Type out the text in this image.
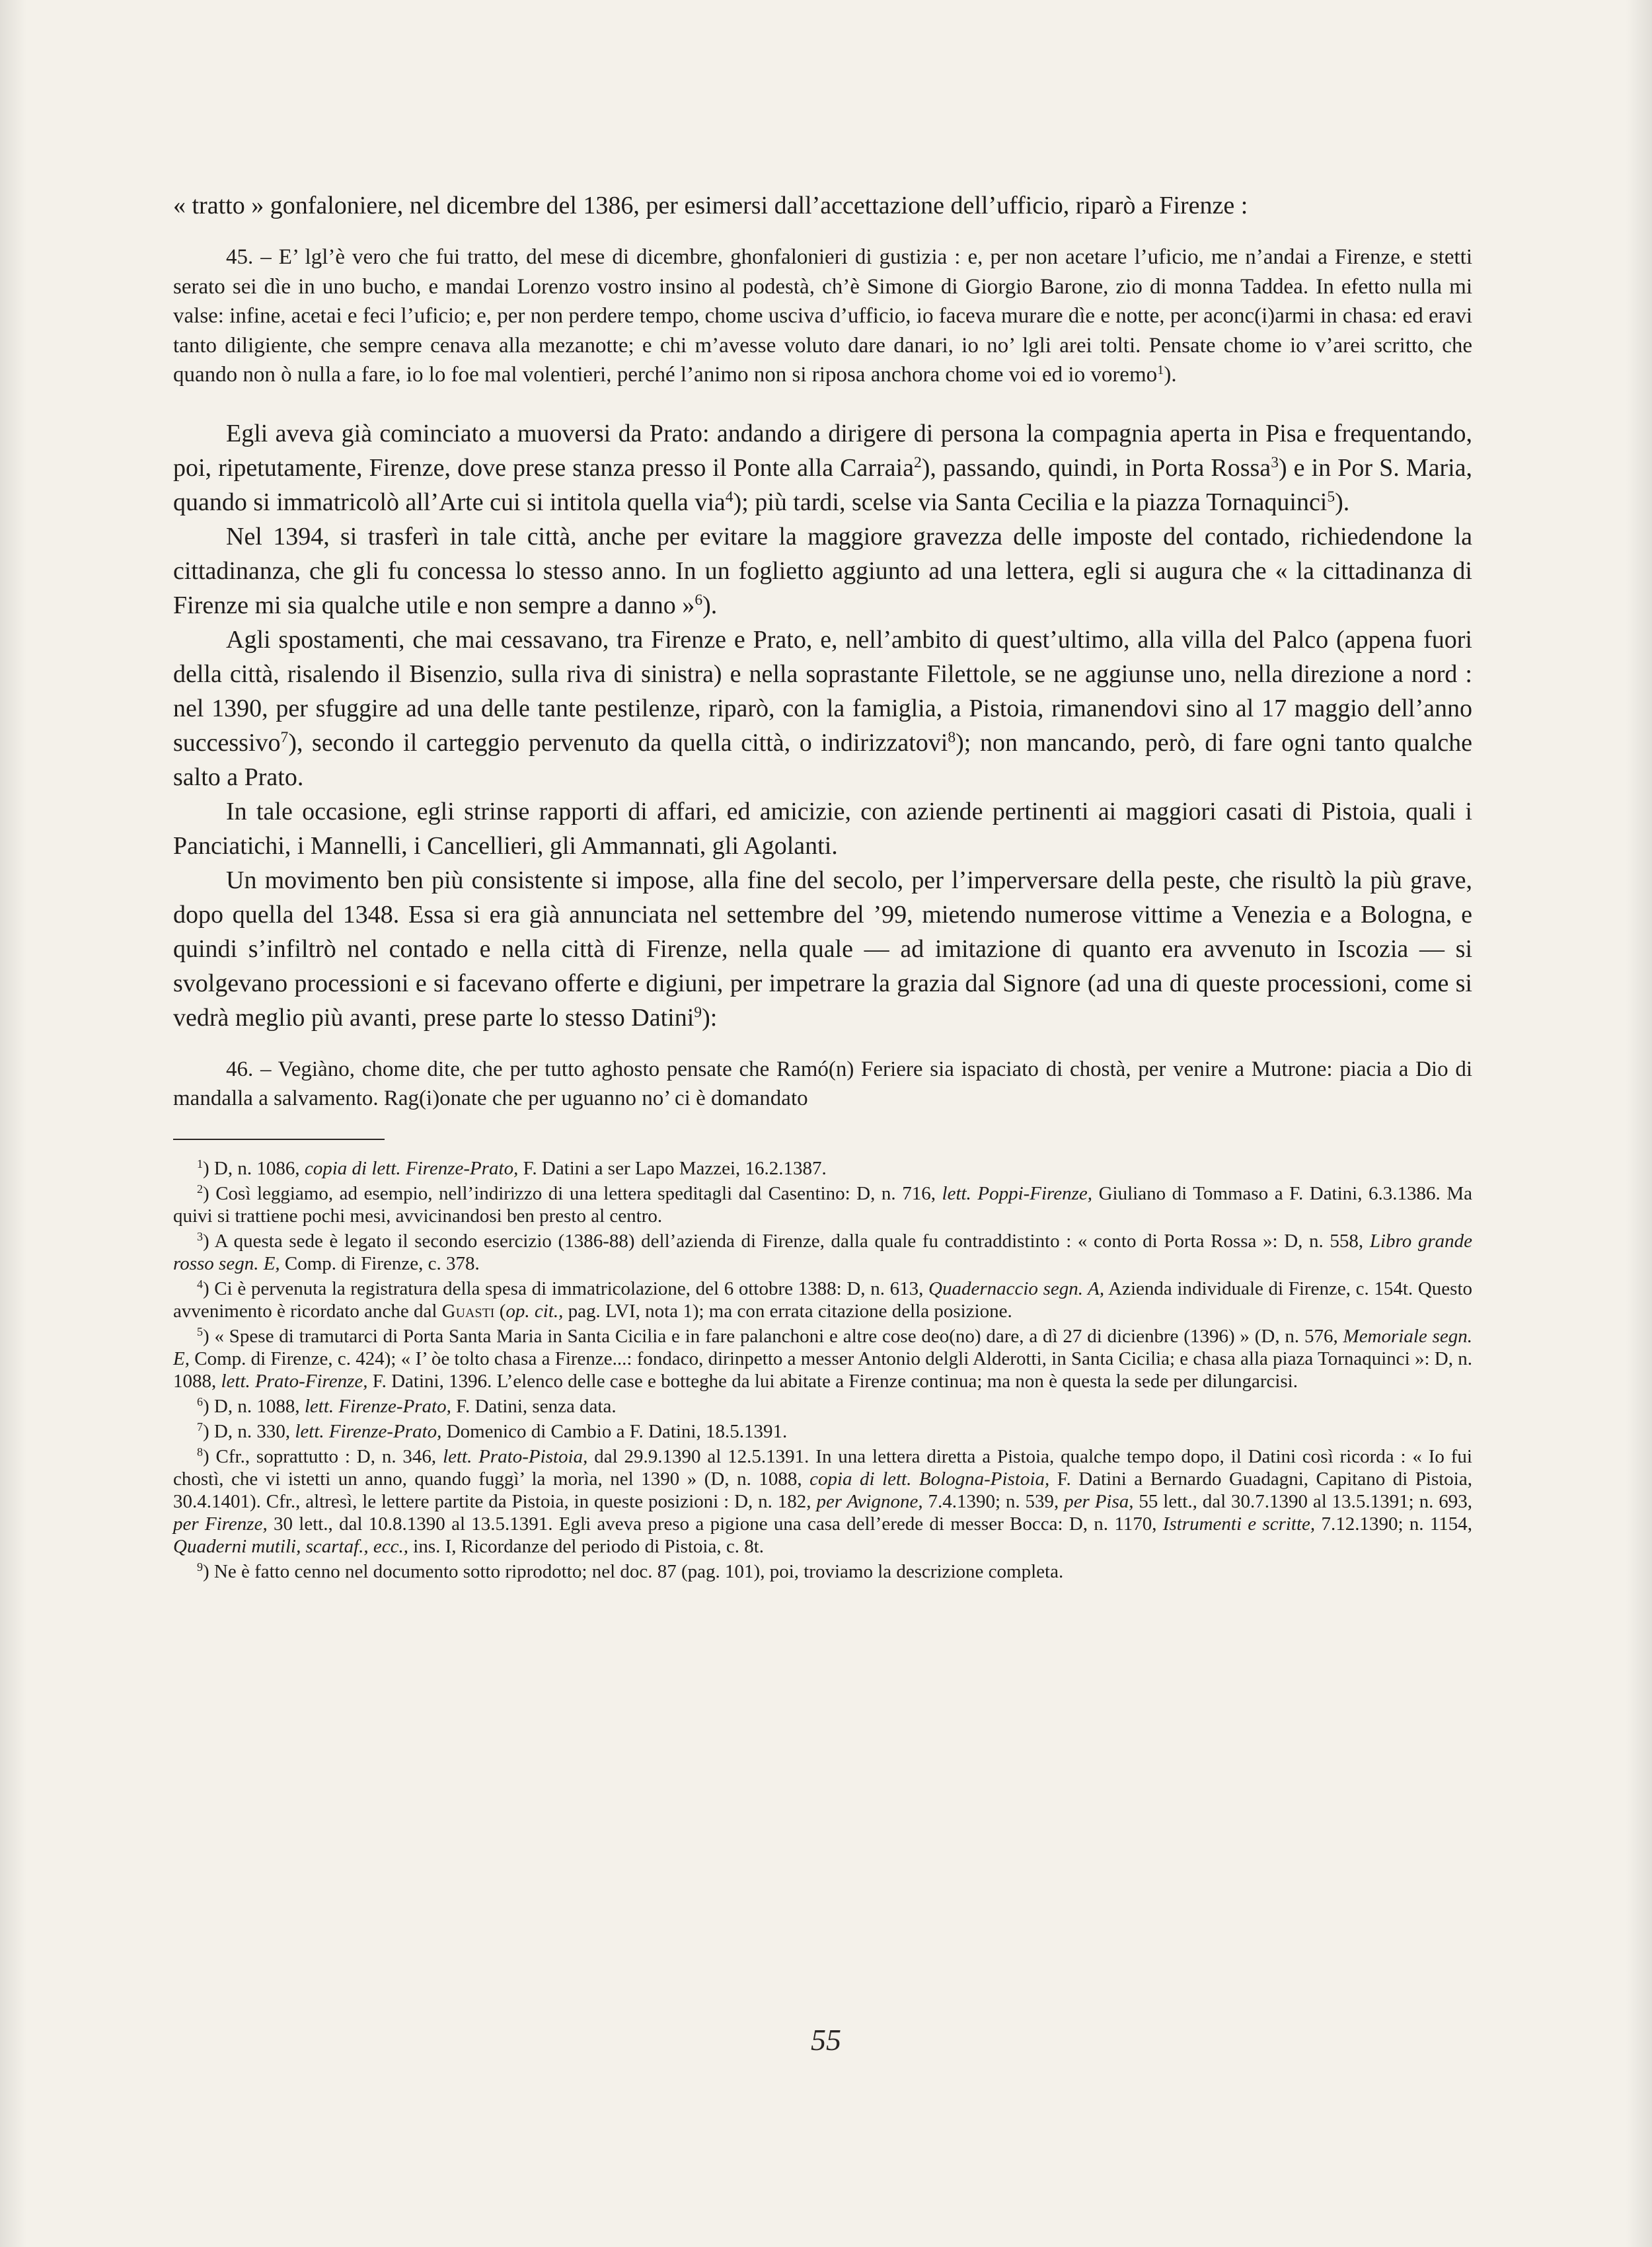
« tratto » gonfaloniere, nel dicembre del 1386, per esimersi dall’accettazione dell’ufficio, riparò a Firenze :

45. – E’ lgl’è vero che fui tratto, del mese di dicembre, ghonfalonieri di gustizia : e, per non acetare l’uficio, me n’andai a Firenze, e stetti serato sei dìe in uno bucho, e mandai Lorenzo vostro insino al podestà, ch’è Simone di Giorgio Barone, zio di monna Taddea. In efetto nulla mi valse: infine, acetai e feci l’uficio; e, per non perdere tempo, chome usciva d’ufficio, io faceva murare dìe e notte, per aconc(i)armi in chasa: ed eravi tanto diligiente, che sempre cenava alla mezanotte; e chi m’avesse voluto dare danari, io no’ lgli arei tolti. Pensate chome io v’arei scritto, che quando non ò nulla a fare, io lo foe mal volentieri, perché l’animo non si riposa anchora chome voi ed io voremo$^1$).

Egli aveva già cominciato a muoversi da Prato: andando a dirigere di persona la compagnia aperta in Pisa e frequentando, poi, ripetutamente, Firenze, dove prese stanza presso il Ponte alla Carraia$^2$), passando, quindi, in Porta Rossa$^3$) e in Por S. Maria, quando si immatricolò all’Arte cui si intitola quella via$^4$); più tardi, scelse via Santa Cecilia e la piazza Tornaquinci$^5$).

Nel 1394, si trasferì in tale città, anche per evitare la maggiore gravezza delle imposte del contado, richiedendone la cittadinanza, che gli fu concessa lo stesso anno. In un foglietto aggiunto ad una lettera, egli si augura che « la cittadinanza di Firenze mi sia qualche utile e non sempre a danno »$^6$).

Agli spostamenti, che mai cessavano, tra Firenze e Prato, e, nell’ambito di quest’ultimo, alla villa del Palco (appena fuori della città, risalendo il Bisenzio, sulla riva di sinistra) e nella soprastante Filettole, se ne aggiunse uno, nella direzione a nord : nel 1390, per sfuggire ad una delle tante pestilenze, riparò, con la famiglia, a Pistoia, rimanendovi sino al 17 maggio dell’anno successivo$^7$), secondo il carteggio pervenuto da quella città, o indirizzatovi$^8$); non mancando, però, di fare ogni tanto qualche salto a Prato.

In tale occasione, egli strinse rapporti di affari, ed amicizie, con aziende pertinenti ai maggiori casati di Pistoia, quali i Panciatichi, i Mannelli, i Cancellieri, gli Ammannati, gli Agolanti.

Un movimento ben più consistente si impose, alla fine del secolo, per l’imperversare della peste, che risultò la più grave, dopo quella del 1348. Essa si era già annunciata nel settembre del ’99, mietendo numerose vittime a Venezia e a Bologna, e quindi s’infiltrò nel contado e nella città di Firenze, nella quale — ad imitazione di quanto era avvenuto in Iscozia — si svolgevano processioni e si facevano offerte e digiuni, per impetrare la grazia dal Signore (ad una di queste processioni, come si vedrà meglio più avanti, prese parte lo stesso Datini$^9$):

46. – Vegiàno, chome dite, che per tutto aghosto pensate che Ramó(n) Feriere sia ispaciato di chostà, per venire a Mutrone: piacia a Dio di mandalla a salvamento. Rag(i)onate che per uguanno no’ ci è domandato

$^1$) D, n. 1086, copia di lett. Firenze-Prato, F. Datini a ser Lapo Mazzei, 16.2.1387.

$^2$) Così leggiamo, ad esempio, nell’indirizzo di una lettera speditagli dal Casentino: D, n. 716, lett. Poppi-Firenze, Giuliano di Tommaso a F. Datini, 6.3.1386. Ma quivi si trattiene pochi mesi, avvicinandosi ben presto al centro.

$^3$) A questa sede è legato il secondo esercizio (1386-88) dell’azienda di Firenze, dalla quale fu contraddistinto : « conto di Porta Rossa »: D, n. 558, Libro grande rosso segn. E, Comp. di Firenze, c. 378.

$^4$) Ci è pervenuta la registratura della spesa di immatricolazione, del 6 ottobre 1388: D, n. 613, Quadernaccio segn. A, Azienda individuale di Firenze, c. 154t. Questo avvenimento è ricordato anche dal Guasti (op. cit., pag. LVI, nota 1); ma con errata citazione della posizione.

$^5$) « Spese di tramutarci di Porta Santa Maria in Santa Cicilia e in fare palanchoni e altre cose deo(no) dare, a dì 27 di dicienbre (1396) » (D, n. 576, Memoriale segn. E, Comp. di Firenze, c. 424); « I’ òe tolto chasa a Firenze...: fondaco, dirinpetto a messer Antonio delgli Alderotti, in Santa Cicilia; e chasa alla piaza Tornaquinci »: D, n. 1088, lett. Prato-Firenze, F. Datini, 1396. L’elenco delle case e botteghe da lui abitate a Firenze continua; ma non è questa la sede per dilungarcisi.

$^6$) D, n. 1088, lett. Firenze-Prato, F. Datini, senza data.

$^7$) D, n. 330, lett. Firenze-Prato, Domenico di Cambio a F. Datini, 18.5.1391.

$^8$) Cfr., soprattutto : D, n. 346, lett. Prato-Pistoia, dal 29.9.1390 al 12.5.1391. In una lettera diretta a Pistoia, qualche tempo dopo, il Datini così ricorda : « Io fui chostì, che vi istetti un anno, quando fuggì’ la morìa, nel 1390 » (D, n. 1088, copia di lett. Bologna-Pistoia, F. Datini a Bernardo Guadagni, Capitano di Pistoia, 30.4.1401). Cfr., altresì, le lettere partite da Pistoia, in queste posizioni : D, n. 182, per Avignone, 7.4.1390; n. 539, per Pisa, 55 lett., dal 30.7.1390 al 13.5.1391; n. 693, per Firenze, 30 lett., dal 10.8.1390 al 13.5.1391. Egli aveva preso a pigione una casa dell’erede di messer Bocca: D, n. 1170, Istrumenti e scritte, 7.12.1390; n. 1154, Quaderni mutili, scartaf., ecc., ins. I, Ricordanze del periodo di Pistoia, c. 8t.

$^9$) Ne è fatto cenno nel documento sotto riprodotto; nel doc. 87 (pag. 101), poi, troviamo la descrizione completa.

55
